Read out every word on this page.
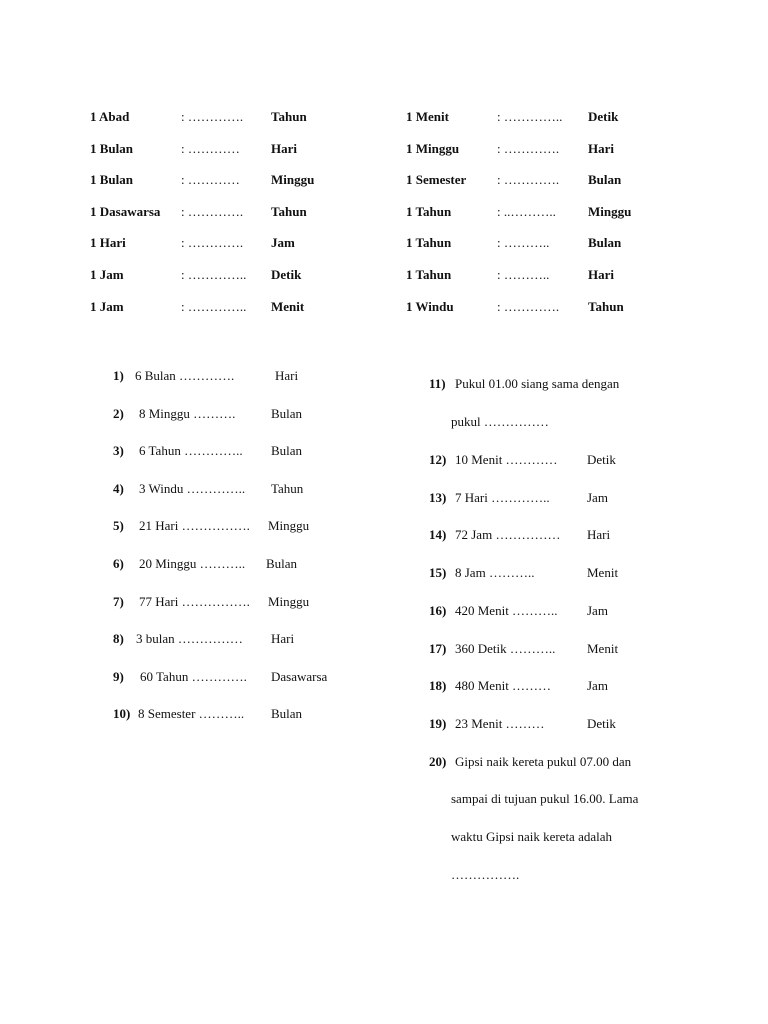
1 Abad	: …………. Tahun
1 Bulan	: ………… Hari
1 Bulan	: ………… Minggu
1 Dasawarsa : …………. Tahun
1 Hari	: …………. Jam
1 Jam	: ………….. Detik
1 Jam	: ………….. Menit
1 Menit	: ………….. Detik
1 Minggu	: …………. Hari
1 Semester : …………. Bulan
1 Tahun	: ..……….. Minggu
1 Tahun	: ………..	Bulan
1 Tahun	: ………..	Hari
1 Windu	: …………. Tahun
1) 6 Bulan ………….	Hari
2) 8 Minggu ……….	Bulan
3) 6 Tahun ………….. Bulan
4) 3 Windu ………….. Tahun
5) 21 Hari ……………. Minggu
6) 20 Minggu ……….. Bulan
7) 77 Hari ……………. Minggu
8) 3 bulan …………… Hari
9) 60 Tahun …………. Dasawarsa
10) 8 Semester ……….. Bulan
11) Pukul 01.00 siang sama dengan
pukul ……………
12) 10 Menit ………… Detik
13) 7 Hari …………..	Jam
14) 72 Jam …………… Hari
15) 8 Jam ………..	Menit
16) 420 Menit ……….. Jam
17) 360 Detik ……….. Menit
18) 480 Menit ………	Jam
19) 23 Menit ………	Detik
20) Gipsi naik kereta pukul 07.00 dan
sampai di tujuan pukul 16.00. Lama
waktu Gipsi naik kereta adalah
…………….
